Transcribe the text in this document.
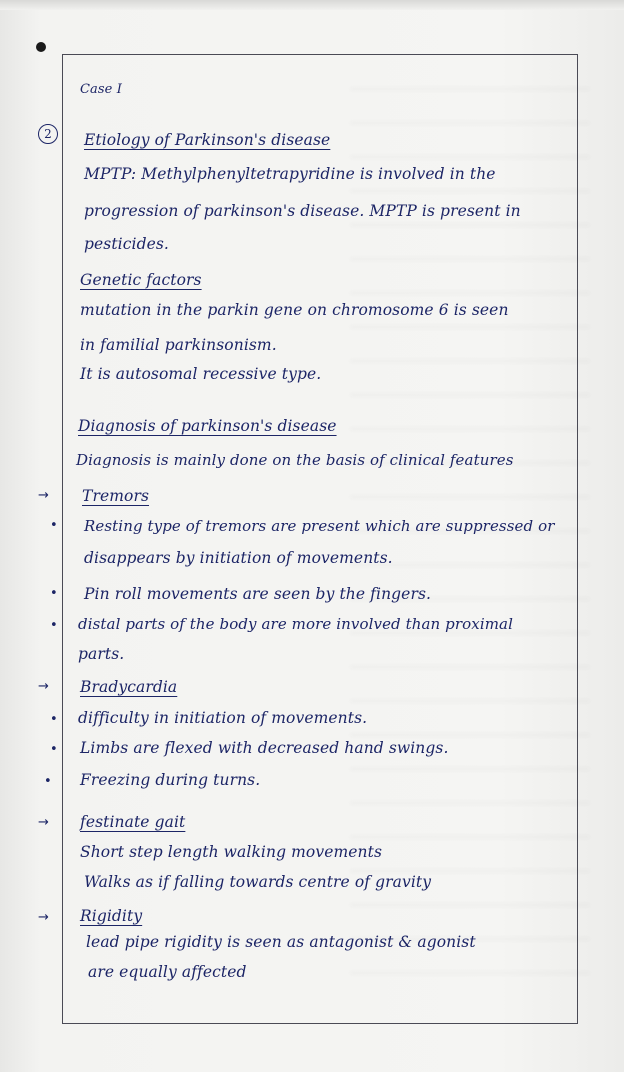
2

Case I

Etiology of Parkinson's disease

MPTP: Methylphenyltetrapyridine is involved in the

progression of parkinson's disease. MPTP is present in

pesticides.

Genetic factors

mutation in the parkin gene on chromosome 6 is seen

in familial parkinsonism.

It is autosomal recessive type.

Diagnosis of parkinson's disease

Diagnosis is mainly done on the basis of clinical features

→ Tremors

• Resting type of tremors are present which are suppressed or

disappears by initiation of movements.

• Pin roll movements are seen by the fingers.

• distal parts of the body are more involved than proximal

parts.

→ Bradycardia

• difficulty in initiation of movements.

• Limbs are flexed with decreased hand swings.

• Freezing during turns.

→ festinate gait

Short step length walking movements

Walks as if falling towards centre of gravity

→ Rigidity

lead pipe rigidity is seen as antagonist & agonist

are equally affected
